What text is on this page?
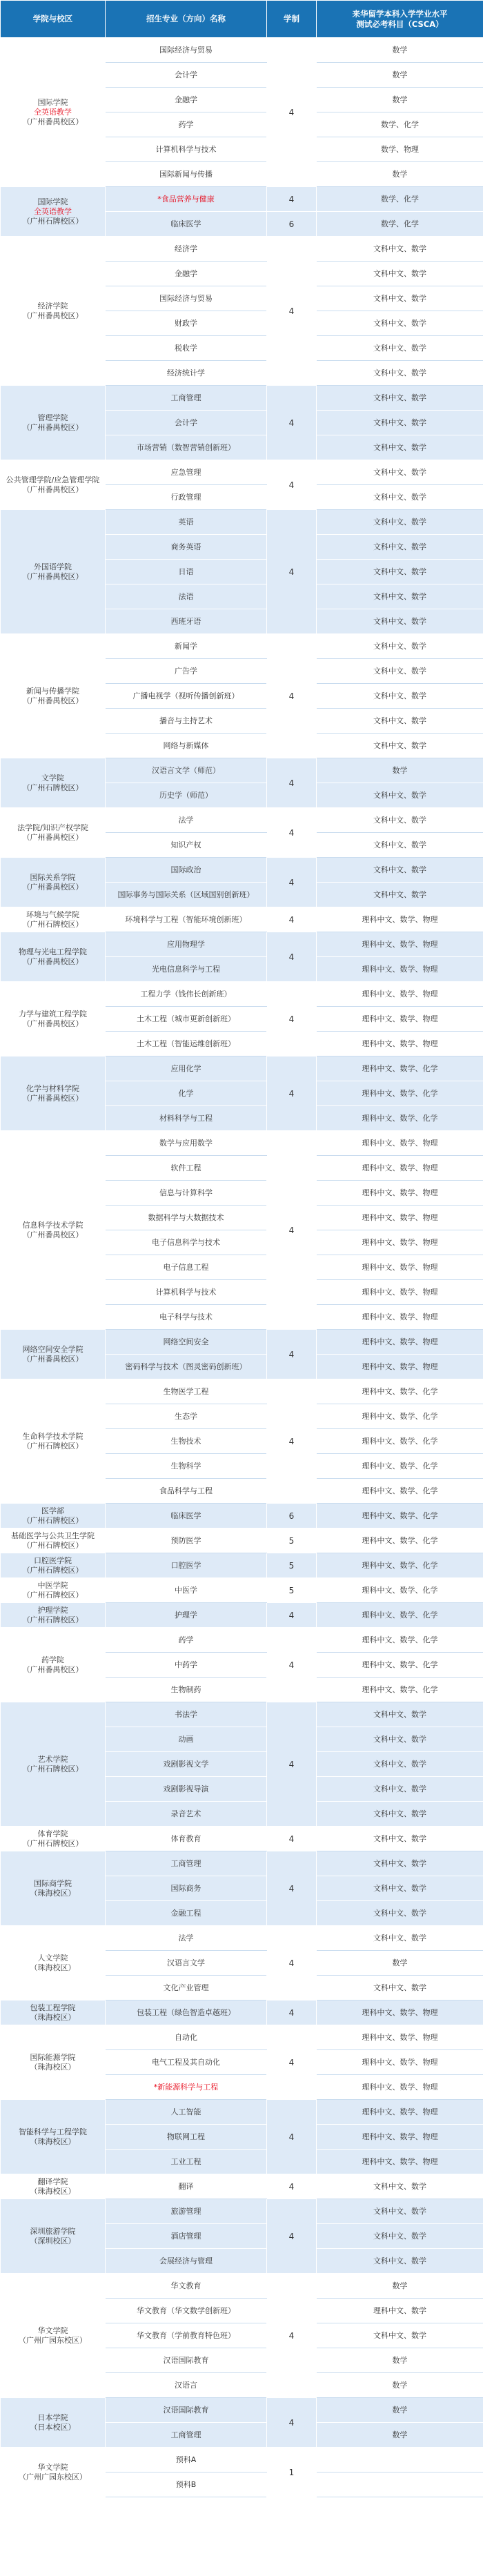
学院与校区	招生专业（方向）名称	学制	来华留学本科入学学业水平
测试必考科目（CSCA）

国际学院
全英语教学
（广州番禺校区）	国际经济与贸易	4	数学
	会计学		数学
	金融学		数学
	药学		数学、化学
	计算机科学与技术		数学、物理
	国际新闻与传播		数学

国际学院
全英语教学
（广州石牌校区）	*食品营养与健康	4	数学、化学
	临床医学	6	数学、化学

经济学院
（广州番禺校区）	经济学	4	文科中文、数学
	金融学		文科中文、数学
	国际经济与贸易		文科中文、数学
	财政学		文科中文、数学
	税收学		文科中文、数学
	经济统计学		文科中文、数学

管理学院
（广州番禺校区）	工商管理	4	文科中文、数学
	会计学		文科中文、数学
	市场营销（数智营销创新班）		文科中文、数学

公共管理学院/应急管理学院
（广州番禺校区）	应急管理	4	文科中文、数学
	行政管理		文科中文、数学

外国语学院
（广州番禺校区）	英语	4	文科中文、数学
	商务英语		文科中文、数学
	日语		文科中文、数学
	法语		文科中文、数学
	西班牙语		文科中文、数学

新闻与传播学院
（广州番禺校区）	新闻学	4	文科中文、数学
	广告学		文科中文、数学
	广播电视学（视听传播创新班）		文科中文、数学
	播音与主持艺术		文科中文、数学
	网络与新媒体		文科中文、数学

文学院
（广州石牌校区）	汉语言文学（师范）	4	数学
	历史学（师范）		文科中文、数学

法学院/知识产权学院
（广州番禺校区）	法学	4	文科中文、数学
	知识产权		文科中文、数学

国际关系学院
（广州番禺校区）	国际政治	4	文科中文、数学
	国际事务与国际关系（区域国别创新班）		文科中文、数学

环境与气候学院
（广州石牌校区）	环境科学与工程（智能环境创新班）	4	理科中文、数学、物理

物理与光电工程学院
（广州番禺校区）	应用物理学	4	理科中文、数学、物理
	光电信息科学与工程		理科中文、数学、物理

力学与建筑工程学院
（广州番禺校区）	工程力学（钱伟长创新班）	4	理科中文、数学、物理
	土木工程（城市更新创新班）		理科中文、数学、物理
	土木工程（智能运维创新班）		理科中文、数学、物理

化学与材料学院
（广州番禺校区）	应用化学	4	理科中文、数学、化学
	化学		理科中文、数学、化学
	材料科学与工程		理科中文、数学、化学

信息科学技术学院
（广州番禺校区）	数学与应用数学	4	理科中文、数学、物理
	软件工程		理科中文、数学、物理
	信息与计算科学		理科中文、数学、物理
	数据科学与大数据技术		理科中文、数学、物理
	电子信息科学与技术		理科中文、数学、物理
	电子信息工程		理科中文、数学、物理
	计算机科学与技术		理科中文、数学、物理
	电子科学与技术		理科中文、数学、物理

网络空间安全学院
（广州番禺校区）	网络空间安全	4	理科中文、数学、物理
	密码科学与技术（图灵密码创新班）		理科中文、数学、物理

生命科学技术学院
（广州石牌校区）	生物医学工程	4	理科中文、数学、化学
	生态学		理科中文、数学、化学
	生物技术		理科中文、数学、化学
	生物科学		理科中文、数学、化学
	食品科学与工程		理科中文、数学、化学

医学部
（广州石牌校区）	临床医学	6	理科中文、数学、化学

基础医学与公共卫生学院
（广州石牌校区）	预防医学	5	理科中文、数学、化学

口腔医学院
（广州石牌校区）	口腔医学	5	理科中文、数学、化学

中医学院
（广州石牌校区）	中医学	5	理科中文、数学、化学

护理学院
（广州石牌校区）	护理学	4	理科中文、数学、化学

药学院
（广州番禺校区）	药学	4	理科中文、数学、化学
	中药学		理科中文、数学、化学
	生物制药		理科中文、数学、化学

艺术学院
（广州石牌校区）	书法学	4	文科中文、数学
	动画		文科中文、数学
	戏剧影视文学		文科中文、数学
	戏剧影视导演		文科中文、数学
	录音艺术		文科中文、数学

体育学院
（广州石牌校区）	体育教育	4	文科中文、数学

国际商学院
（珠海校区）	工商管理	4	文科中文、数学
	国际商务		文科中文、数学
	金融工程		文科中文、数学

人文学院
（珠海校区）	法学	4	文科中文、数学
	汉语言文学		数学
	文化产业管理		文科中文、数学

包装工程学院
（珠海校区）	包装工程（绿色智造卓越班）	4	理科中文、数学、物理

国际能源学院
（珠海校区）	自动化	4	理科中文、数学、物理
	电气工程及其自动化		理科中文、数学、物理
	*新能源科学与工程		理科中文、数学、物理

智能科学与工程学院
（珠海校区）	人工智能	4	理科中文、数学、物理
	物联网工程		理科中文、数学、物理
	工业工程		理科中文、数学、物理

翻译学院
（珠海校区）	翻译	4	文科中文、数学

深圳旅游学院
（深圳校区）	旅游管理	4	文科中文、数学
	酒店管理		文科中文、数学
	会展经济与管理		文科中文、数学

华文学院
（广州广园东校区）	华文教育	4	数学
	华文教育（华文数学创新班）		理科中文、数学
	华文教育（学前教育特色班）		文科中文、数学
	汉语国际教育		数学
	汉语言		数学

日本学院
（日本校区）	汉语国际教育	4	数学
	工商管理		数学

华文学院
（广州广园东校区）	预科A	1	
	预科B		
